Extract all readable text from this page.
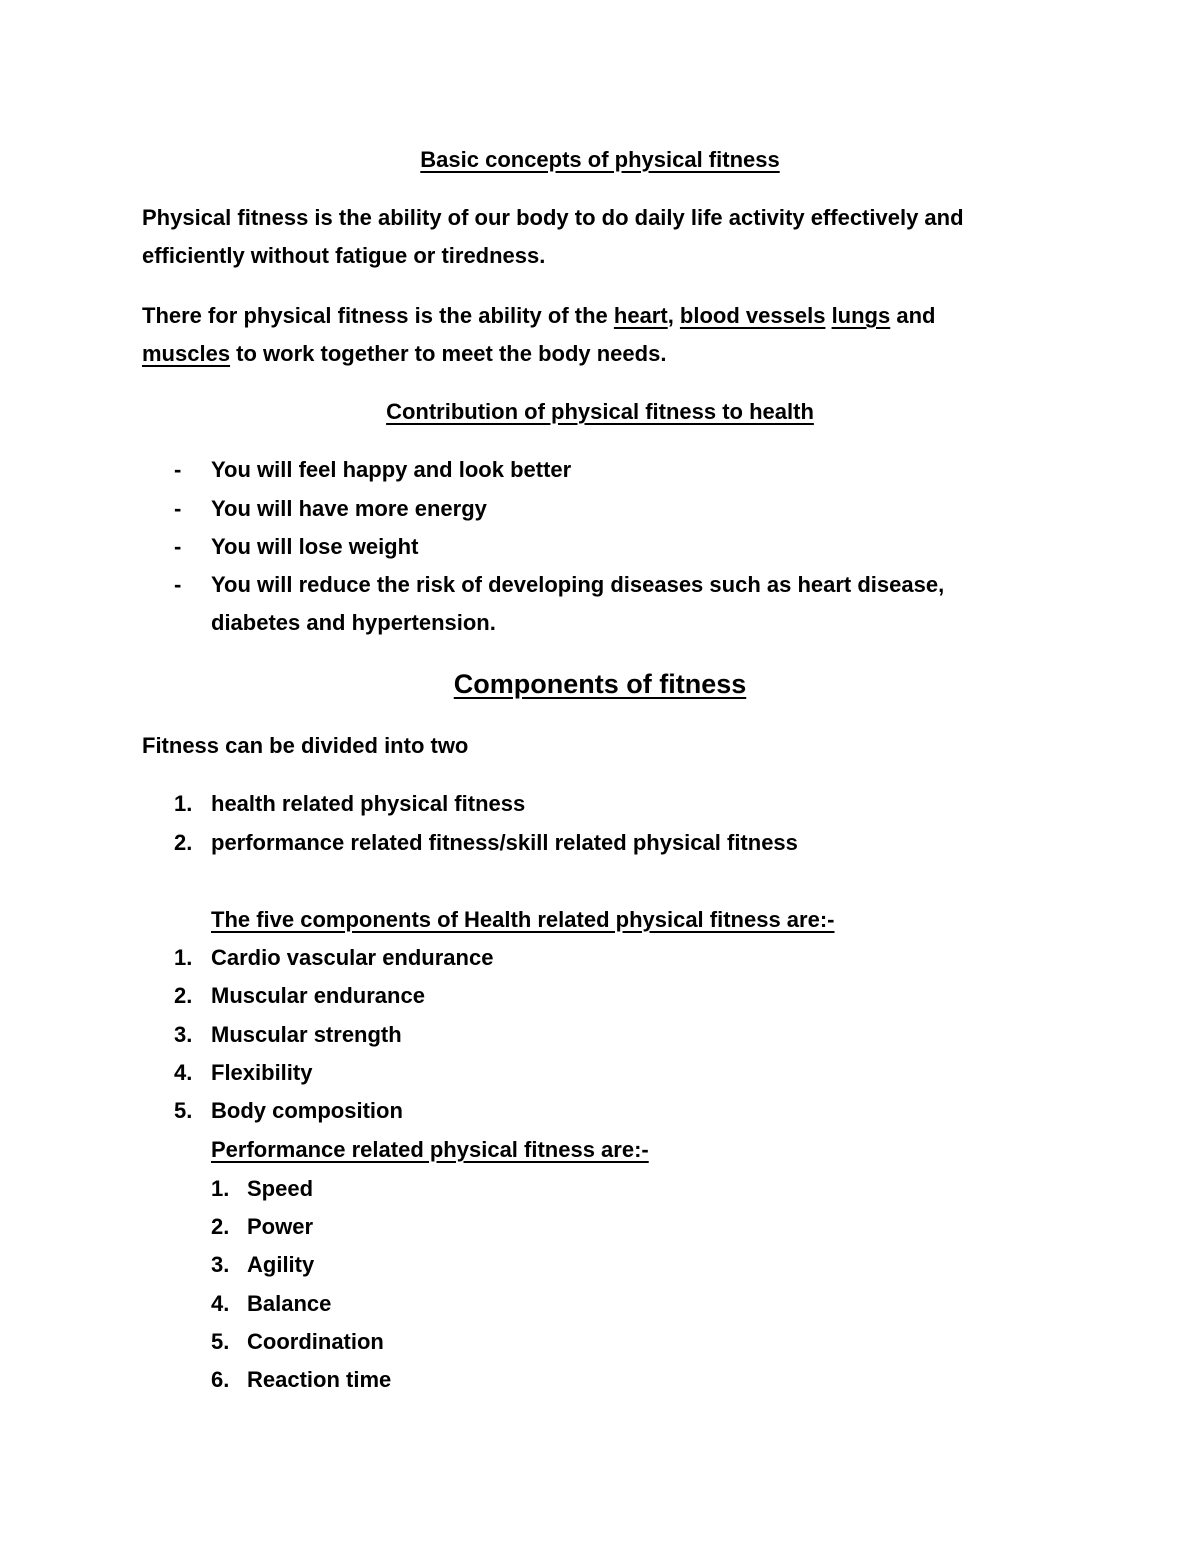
Basic concepts of physical fitness
Physical fitness is the ability of our body to do daily life activity effectively and
efficiently without fatigue or tiredness.
There for physical fitness is the ability of the heart, blood vessels lungs and
muscles to work together to meet the body needs.
Contribution of physical fitness to health
- You will feel happy and look better
- You will have more energy
- You will lose weight
- You will reduce the risk of developing diseases such as heart disease,
diabetes and hypertension.
Components of fitness
Fitness can be divided into two
1. health related physical fitness
2. performance related fitness/skill related physical fitness
The five components of Health related physical fitness are:-
1. Cardio vascular endurance
2. Muscular endurance
3. Muscular strength
4. Flexibility
5. Body composition
Performance related physical fitness are:-
1. Speed
2. Power
3. Agility
4. Balance
5. Coordination
6. Reaction time
